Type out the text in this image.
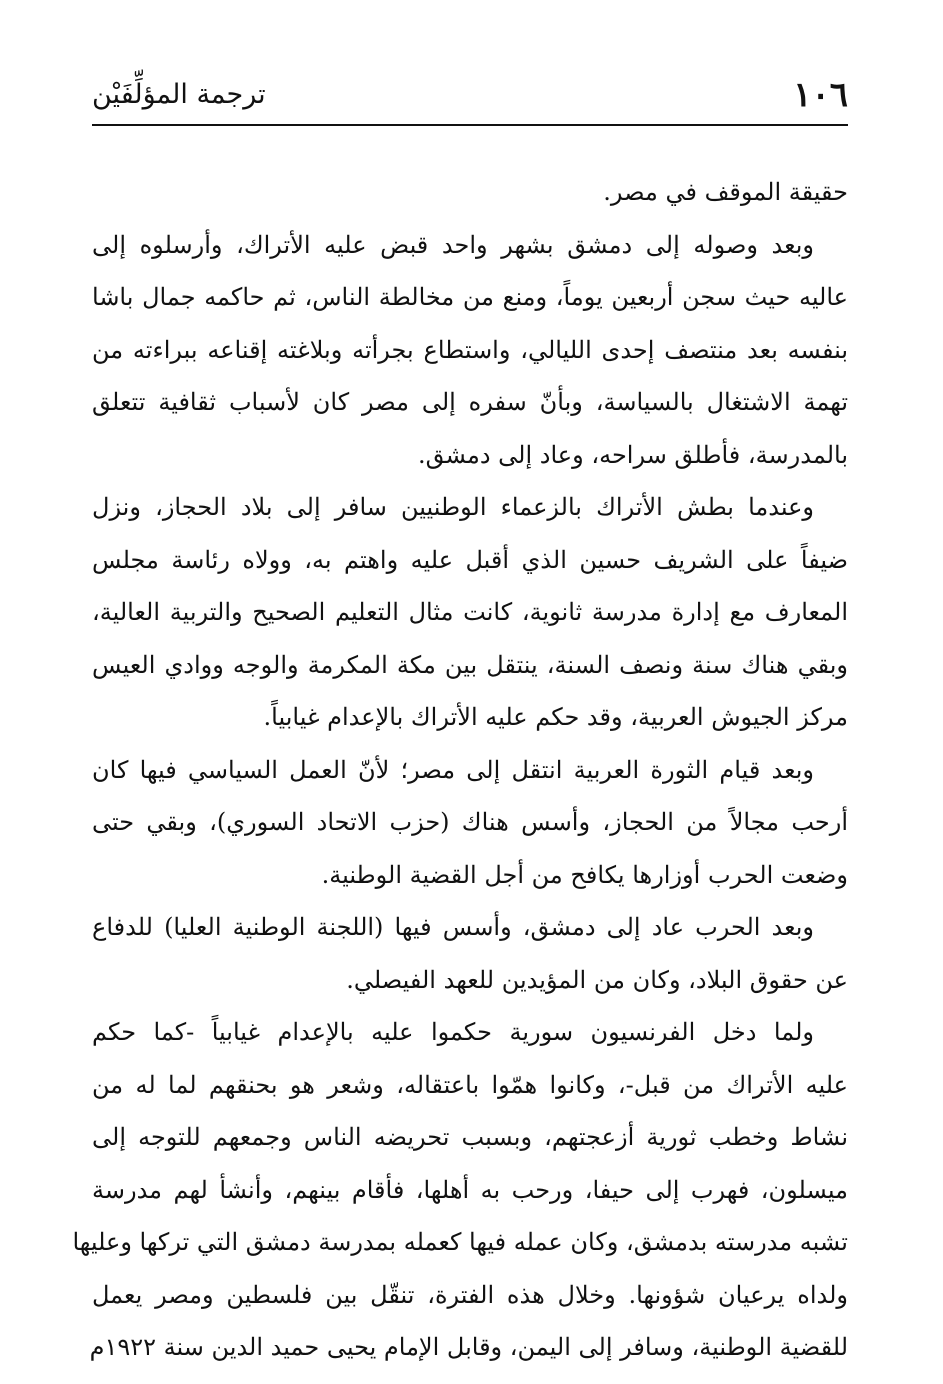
١٠٦
ترجمة المؤلِّفَيْن
حقيقة الموقف في مصر.
وبعد وصوله إلى دمشق بشهر واحد قبض عليه الأتراك، وأرسلوه إلى
عاليه حيث سجن أربعين يوماً، ومنع من مخالطة الناس، ثم حاكمه جمال باشا
بنفسه بعد منتصف إحدى الليالي، واستطاع بجرأته وبلاغته إقناعه ببراءته من
تهمة الاشتغال بالسياسة، وبأنّ سفره إلى مصر كان لأسباب ثقافية تتعلق
بالمدرسة، فأطلق سراحه، وعاد إلى دمشق.
وعندما بطش الأتراك بالزعماء الوطنيين سافر إلى بلاد الحجاز، ونزل
ضيفاً على الشريف حسين الذي أقبل عليه واهتم به، وولاه رئاسة مجلس
المعارف مع إدارة مدرسة ثانوية، كانت مثال التعليم الصحيح والتربية العالية،
وبقي هناك سنة ونصف السنة، ينتقل بين مكة المكرمة والوجه ووادي العيس
مركز الجيوش العربية، وقد حكم عليه الأتراك بالإعدام غيابياً.
وبعد قيام الثورة العربية انتقل إلى مصر؛ لأنّ العمل السياسي فيها كان
أرحب مجالاً من الحجاز، وأسس هناك (حزب الاتحاد السوري)، وبقي حتى
وضعت الحرب أوزارها يكافح من أجل القضية الوطنية.
وبعد الحرب عاد إلى دمشق، وأسس فيها (اللجنة الوطنية العليا) للدفاع
عن حقوق البلاد، وكان من المؤيدين للعهد الفيصلي.
ولما دخل الفرنسيون سورية حكموا عليه بالإعدام غيابياً -كما حكم
عليه الأتراك من قبل-، وكانوا همّوا باعتقاله، وشعر هو بحنقهم لما له من
نشاط وخطب ثورية أزعجتهم، وبسبب تحريضه الناس وجمعهم للتوجه إلى
ميسلون، فهرب إلى حيفا، ورحب به أهلها، فأقام بينهم، وأنشأ لهم مدرسة
تشبه مدرسته بدمشق، وكان عمله فيها كعمله بمدرسة دمشق التي تركها وعليها
ولداه يرعيان شؤونها. وخلال هذه الفترة، تنقّل بين فلسطين ومصر يعمل
للقضية الوطنية، وسافر إلى اليمن، وقابل الإمام يحيى حميد الدين سنة ١٩٢٢م
